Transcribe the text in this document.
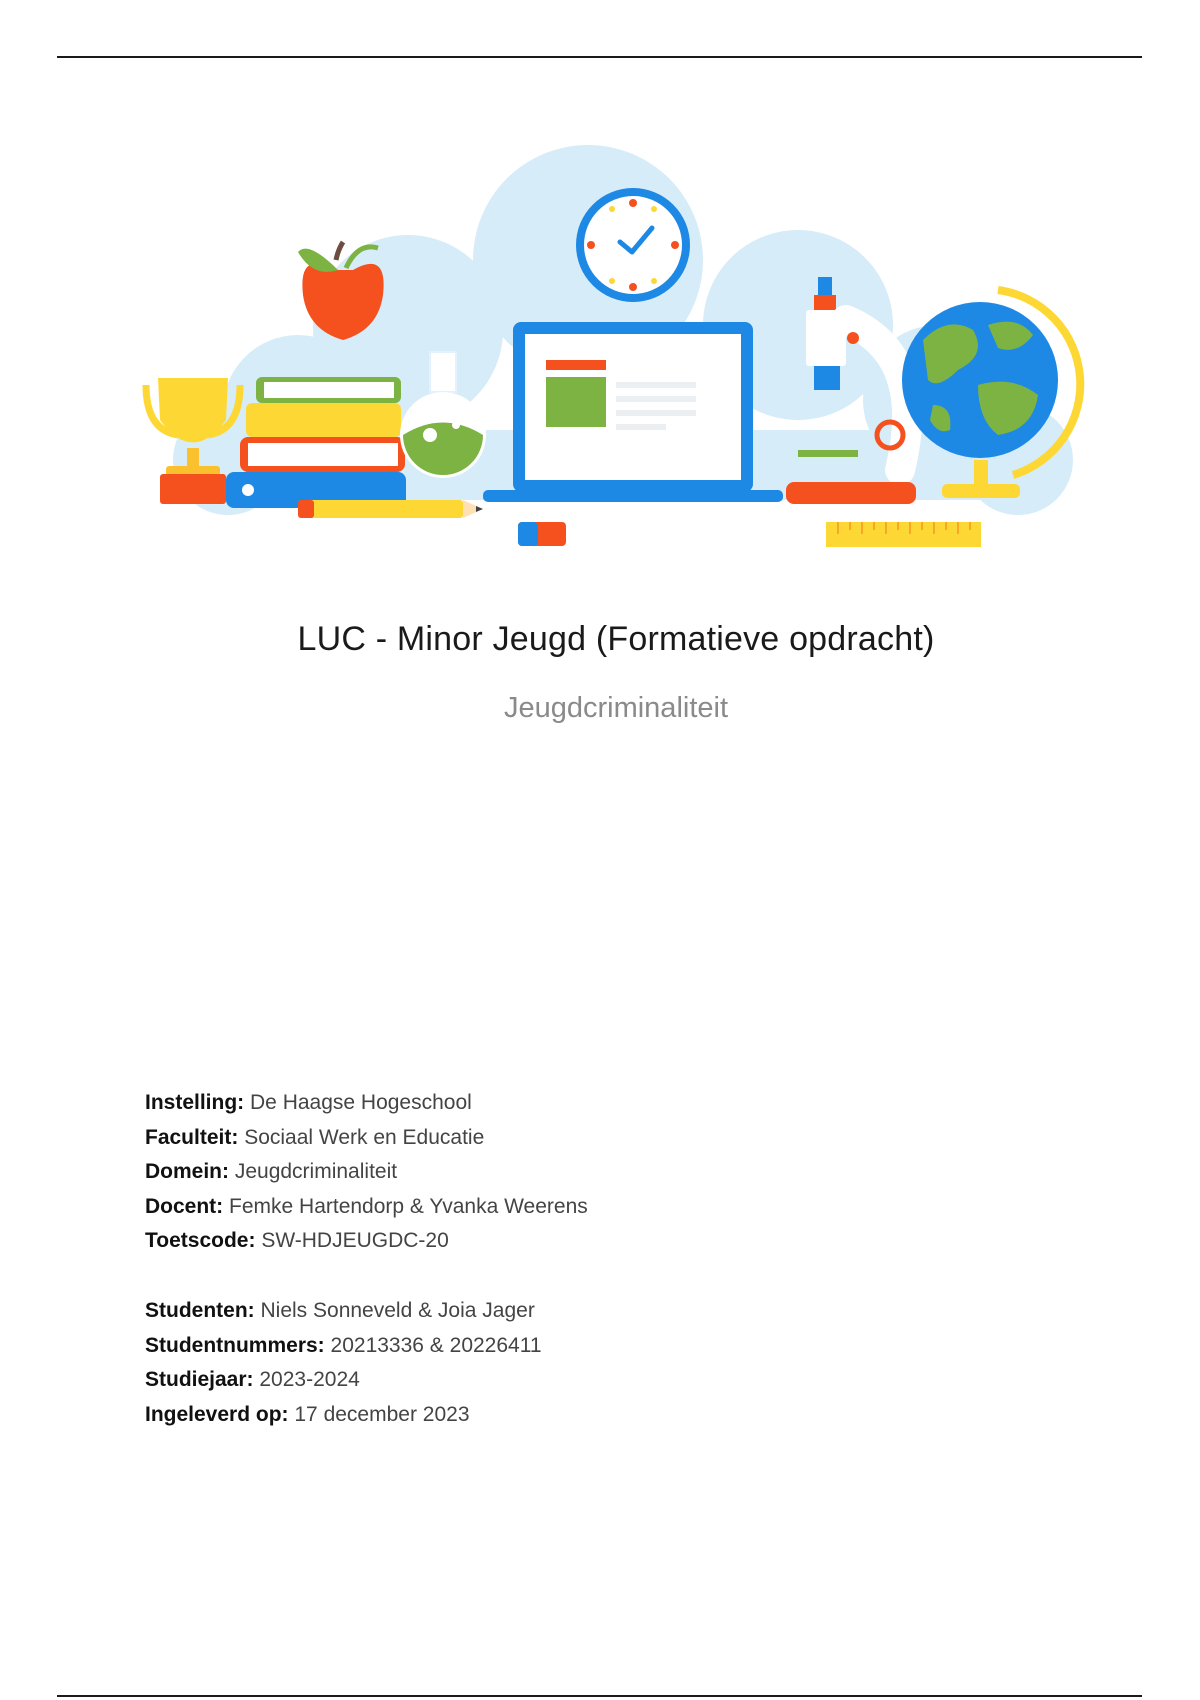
LUC - Minor Jeugd (Formatieve opdracht)
Jeugdcriminaliteit
Instelling: De Haagse Hogeschool
Faculteit: Sociaal Werk en Educatie
Domein: Jeugdcriminaliteit
Docent: Femke Hartendorp & Yvanka Weerens
Toetscode: SW-HDJEUGDC-20
Studenten: Niels Sonneveld & Joia Jager
Studentnummers: 20213336 & 20226411
Studiejaar: 2023-2024
Ingeleverd op: 17 december 2023
